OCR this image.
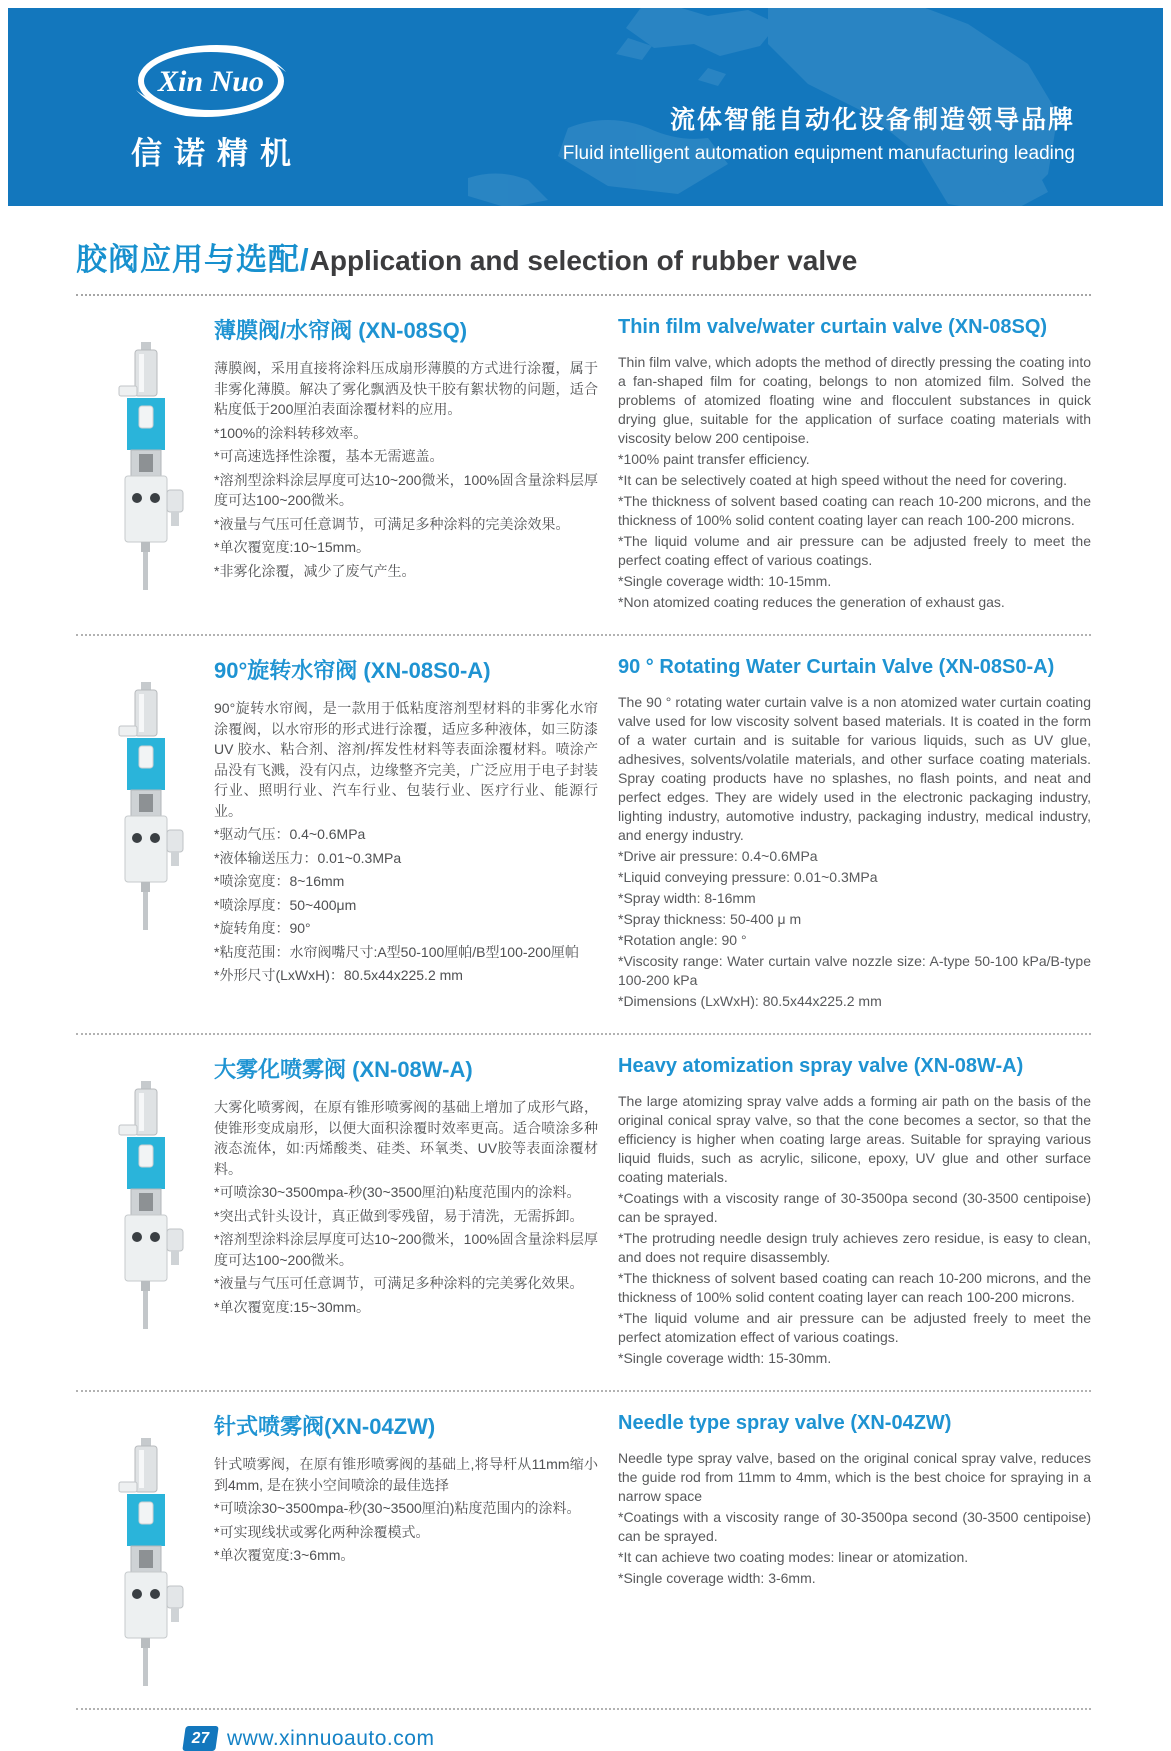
Xin Nuo
信诺精机
流体智能自动化设备制造领导品牌
Fluid intelligent automation equipment manufacturing leading
胶阀应用与选配/ Application and selection of rubber valve
薄膜阀/水帘阀 (XN-08SQ)

薄膜阀，采用直接将涂料压成扇形薄膜的方式进行涂覆，属于非雾化薄膜。解决了雾化飘洒及快干胶有絮状物的问题，适合粘度低于200厘泊表面涂覆材料的应用。

*100%的涂料转移效率。

*可高速选择性涂覆，基本无需遮盖。

*溶剂型涂料涂层厚度可达10~200微米，100%固含量涂料层厚度可达100~200微米。

*液量与气压可任意调节，可满足多种涂料的完美涂效果。

*单次覆宽度:10~15mm。

*非雾化涂覆，减少了废气产生。

Thin film valve/water curtain valve (XN-08SQ)

Thin film valve, which adopts the method of directly pressing the coating into a fan-shaped film for coating, belongs to non atomized film. Solved the problems of atomized floating wine and flocculent substances in quick drying glue, suitable for the application of surface coating materials with viscosity below 200 centipoise.

*100% paint transfer efficiency.

*It can be selectively coated at high speed without the need for covering.

*The thickness of solvent based coating can reach 10-200 microns, and the thickness of 100% solid content coating layer can reach 100-200 microns.

*The liquid volume and air pressure can be adjusted freely to meet the perfect coating effect of various coatings.

*Single coverage width: 10-15mm.

*Non atomized coating reduces the generation of exhaust gas.

90°旋转水帘阀 (XN-08S0-A)

90°旋转水帘阀，是一款用于低粘度溶剂型材料的非雾化水帘涂覆阀，以水帘形的形式进行涂覆，适应多种液体，如三防漆UV 胶水、粘合剂、溶剂/挥发性材料等表面涂覆材料。喷涂产品没有飞溅，没有闪点，边缘整齐完美，广泛应用于电子封装行业、照明行业、汽车行业、包装行业、医疗行业、能源行业。

*驱动气压：0.4~0.6MPa

*液体输送压力：0.01~0.3MPa

*喷涂宽度：8~16mm

*喷涂厚度：50~400μm

*旋转角度：90°

*粘度范围：水帘阀嘴尺寸:A型50-100厘帕/B型100-200厘帕

*外形尺寸(LxWxH)：80.5x44x225.2 mm

90 ° Rotating Water Curtain Valve (XN-08S0-A)

The 90 ° rotating water curtain valve is a non atomized water curtain coating valve used for low viscosity solvent based materials. It is coated in the form of a water curtain and is suitable for various liquids, such as UV glue, adhesives, solvents/volatile materials, and other surface coating materials. Spray coating products have no splashes, no flash points, and neat and perfect edges. They are widely used in the electronic packaging industry, lighting industry, automotive industry, packaging industry, medical industry, and energy industry.

*Drive air pressure: 0.4~0.6MPa

*Liquid conveying pressure: 0.01~0.3MPa

*Spray width: 8-16mm

*Spray thickness: 50-400 μ m

*Rotation angle: 90 °

*Viscosity range: Water curtain valve nozzle size: A-type 50-100 kPa/B-type 100-200 kPa

*Dimensions (LxWxH): 80.5x44x225.2 mm

大雾化喷雾阀 (XN-08W-A)

大雾化喷雾阀，在原有锥形喷雾阀的基础上增加了成形气路，使锥形变成扇形，以便大面积涂覆时效率更高。适合喷涂多种液态流体，如:丙烯酸类、硅类、环氧类、UV胶等表面涂覆材料。

*可喷涂30~3500mpa-秒(30~3500厘泊)粘度范围内的涂料。

*突出式针头设计，真正做到零残留，易于清洗，无需拆卸。

*溶剂型涂料涂层厚度可达10~200微米，100%固含量涂料层厚度可达100~200微米。

*液量与气压可任意调节，可满足多种涂料的完美雾化效果。

*单次覆宽度:15~30mm。

Heavy atomization spray valve (XN-08W-A)

The large atomizing spray valve adds a forming air path on the basis of the original conical spray valve, so that the cone becomes a sector, so that the efficiency is higher when coating large areas. Suitable for spraying various liquid fluids, such as acrylic, silicone, epoxy, UV glue and other surface coating materials.

*Coatings with a viscosity range of 30-3500pa second (30-3500 centipoise) can be sprayed.

*The protruding needle design truly achieves zero residue, is easy to clean, and does not require disassembly.

*The thickness of solvent based coating can reach 10-200 microns, and the thickness of 100% solid content coating layer can reach 100-200 microns.

*The liquid volume and air pressure can be adjusted freely to meet the perfect atomization effect of various coatings.

*Single coverage width: 15-30mm.

针式喷雾阀(XN-04ZW)

针式喷雾阀，在原有锥形喷雾阀的基础上,将导杆从11mm缩小到4mm, 是在狭小空间喷涂的最佳选择

*可喷涂30~3500mpa-秒(30~3500厘泊)粘度范围内的涂料。

*可实现线状或雾化两种涂覆模式。

*单次覆宽度:3~6mm。

Needle type spray valve (XN-04ZW)

Needle type spray valve, based on the original conical spray valve, reduces the guide rod from 11mm to 4mm, which is the best choice for spraying in a narrow space

*Coatings with a viscosity range of 30-3500pa second (30-3500 centipoise) can be sprayed.

*It can achieve two coating modes: linear or atomization.

*Single coverage width: 3-6mm.

27 www.xinnuoauto.com
